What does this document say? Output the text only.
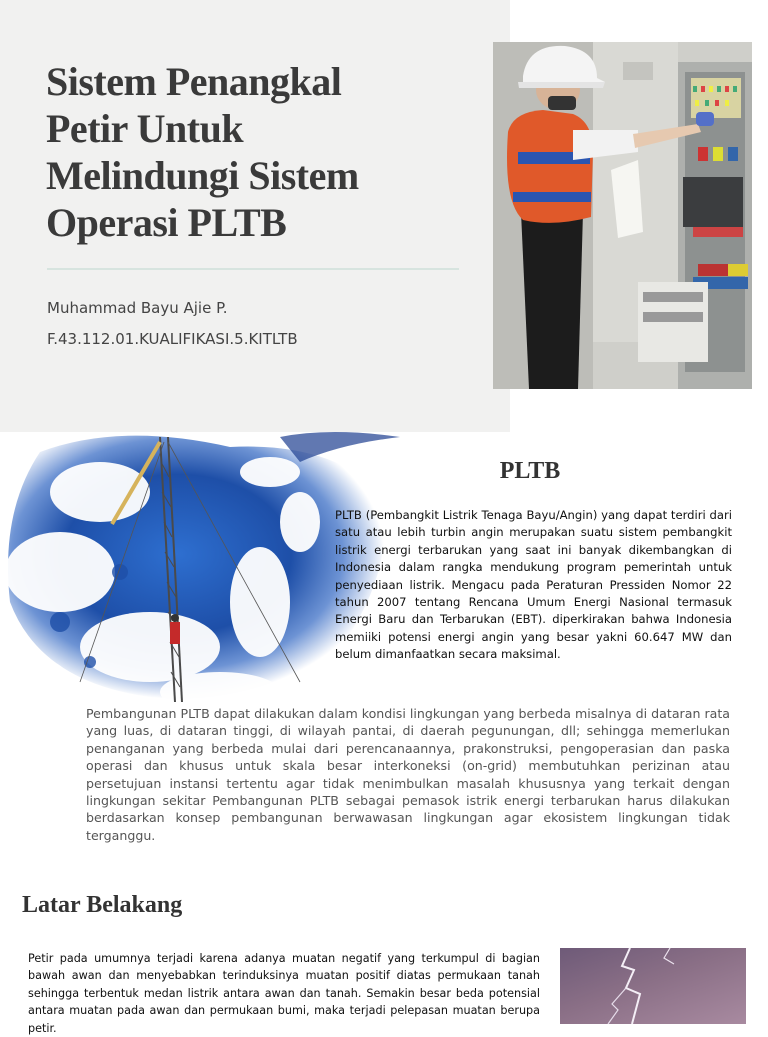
Sistem Penangkal
Petir Untuk
Melindungi Sistem
Operasi PLTB

Muhammad Bayu Ajie P.

F.43.112.01.KUALIFIKASI.5.KITLTB

PLTB

PLTB (Pembangkit Listrik Tenaga Bayu/Angin) yang dapat terdiri dari satu atau lebih turbin angin merupakan suatu sistem pembangkit listrik energi terbarukan yang saat ini banyak dikembangkan di Indonesia dalam rangka mendukung program pemerintah untuk penyediaan listrik. Mengacu pada Peraturan Pressiden Nomor 22 tahun 2007 tentang Rencana Umum Energi Nasional termasuk Energi Baru dan Terbarukan (EBT). diperkirakan bahwa Indonesia memiiki potensi energi angin yang besar yakni 60.647 MW dan belum dimanfaatkan secara maksimal.

Pembangunan PLTB dapat dilakukan dalam kondisi lingkungan yang berbeda misalnya di dataran rata yang luas, di dataran tinggi, di wilayah pantai, di daerah pegunungan, dll; sehingga memerlukan penanganan yang berbeda mulai dari perencanaannya, prakonstruksi, pengoperasian dan paska operasi dan khusus untuk skala besar interkoneksi (on-grid) membutuhkan perizinan atau persetujuan instansi tertentu agar tidak menimbulkan masalah khususnya yang terkait dengan lingkungan sekitar Pembangunan PLTB sebagai pemasok istrik energi terbarukan harus dilakukan berdasarkan konsep pembangunan berwawasan lingkungan agar ekosistem lingkungan tidak terganggu.

Latar Belakang

Petir pada umumnya terjadi karena adanya muatan negatif yang terkumpul di bagian bawah awan dan menyebabkan terinduksinya muatan positif diatas permukaan tanah sehingga terbentuk medan listrik antara awan dan tanah. Semakin besar beda potensial antara muatan pada awan dan permukaan bumi, maka terjadi pelepasan muatan berupa petir.
